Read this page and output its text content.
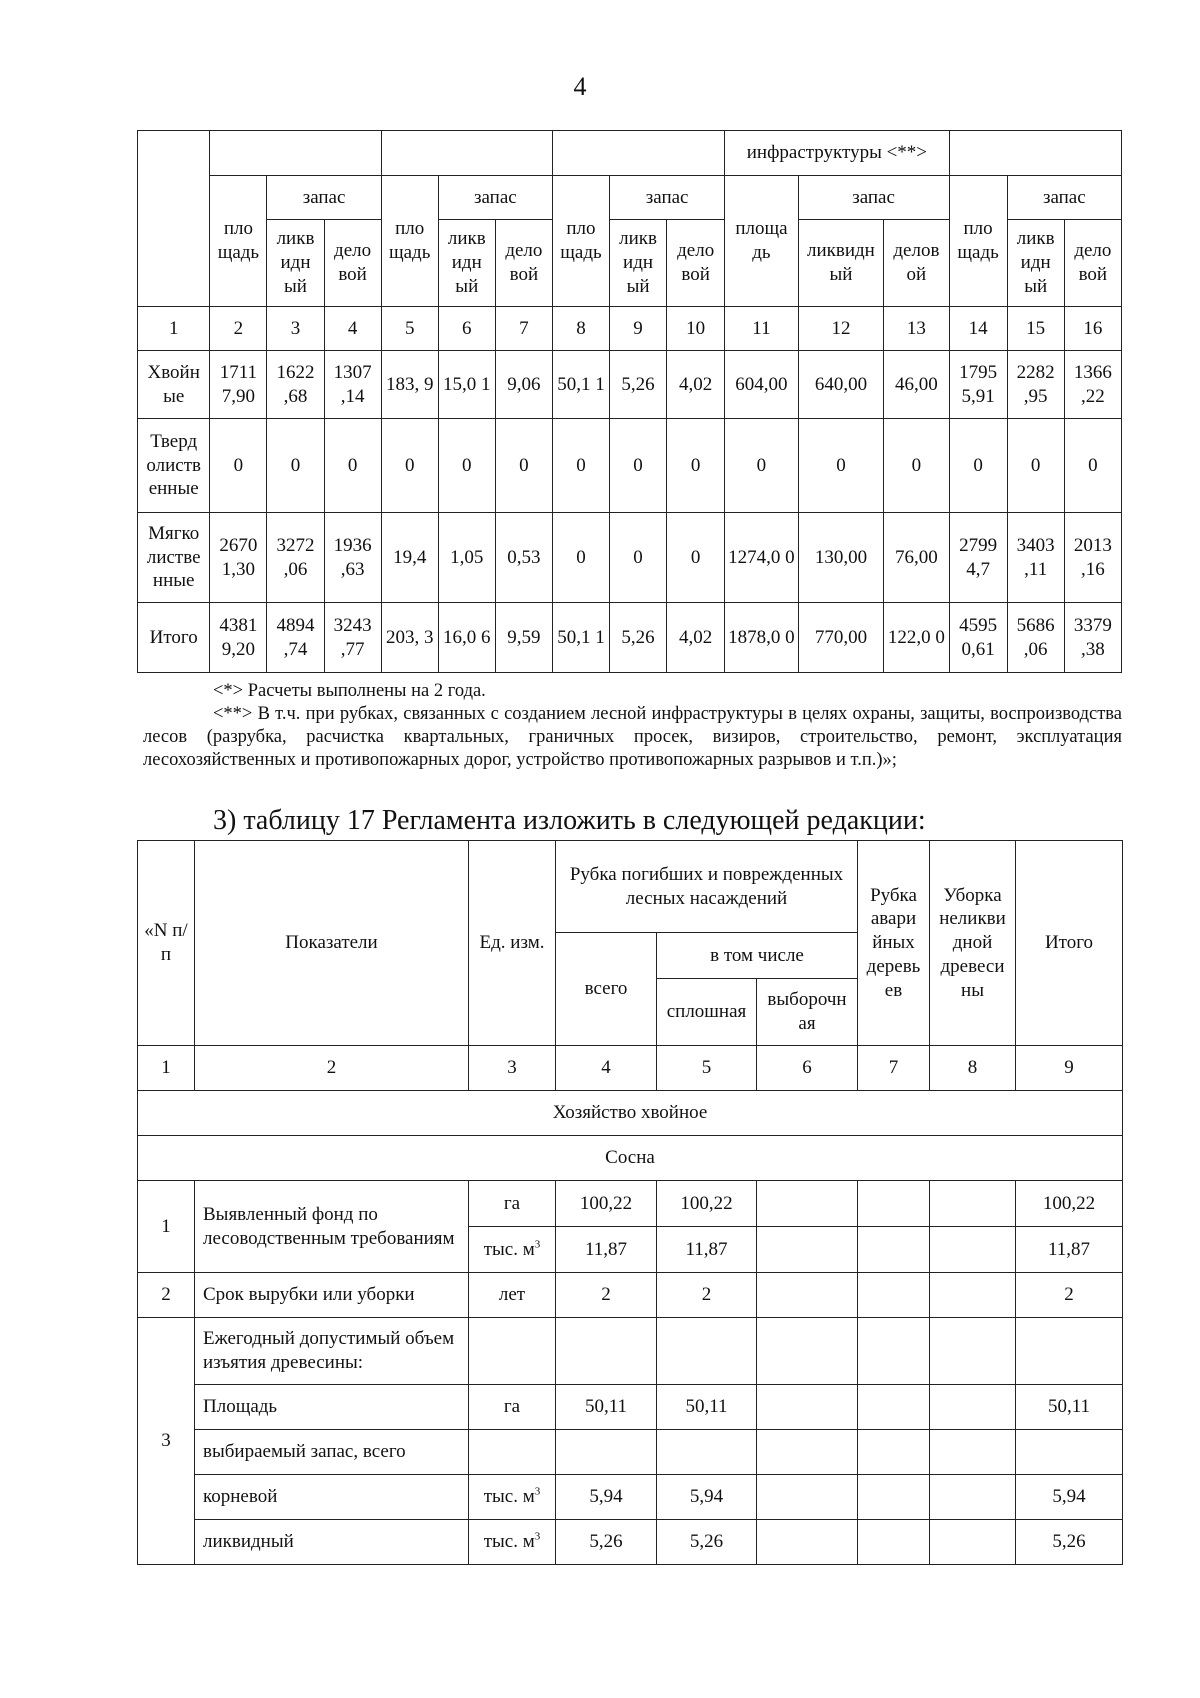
4
										инфраструктуры <**>					
	пло щадь	запас		пло щадь	запас		пло щадь	запас		площа дь	запас		пло щадь	запас	
		ликв идн ый	дело вой		ликв идн ый	дело вой		ликв идн ый	дело вой		ликвидн ый	делов ой		ликв идн ый	дело вой
1	2	3	4	5	6	7	8	9	10	11	12	13	14	15	16
Хвойн ые	1711 7,90	1622 ,68	1307 ,14	183, 9	15,0 1	9,06	50,1 1	5,26	4,02	604,00	640,00	46,00	1795 5,91	2282 ,95	1366 ,22
Тверд олиств енные	0	0	0	0	0	0	0	0	0	0	0	0	0	0	0
Мягко листве нные	2670 1,30	3272 ,06	1936 ,63	19,4	1,05	0,53	0	0	0	1274,0 0	130,00	76,00	2799 4,7	3403 ,11	2013 ,16
Итого	4381 9,20	4894 ,74	3243 ,77	203, 3	16,0 6	9,59	50,1 1	5,26	4,02	1878,0 0	770,00	122,0 0	4595 0,61	5686 ,06	3379 ,38

<*> Расчеты выполнены на 2 года.

<**> В т.ч. при рубках, связанных с созданием лесной инфраструктуры в целях охраны, защиты, воспроизводства лесов (разрубка, расчистка квартальных, граничных просек, визиров, строительство, ремонт, эксплуатация лесохозяйственных и противопожарных дорог, устройство противопожарных разрывов и т.п.)»;

3) таблицу 17 Регламента изложить в следующей редакции:
«N п/п	Показатели	Ед. изм.	Рубка погибших и поврежденных лесных насаждений			Рубка авари йных деревь ев	Уборка неликви дной древеси ны	Итого
			всего	в том числе				
				сплошная	выборочн ая			
1	2	3	4	5	6	7	8	9
Хозяйство хвойное								
Сосна								
1	Выявленный фонд по лесоводственным требованиям	га	100,22	100,22				100,22
		тыс. $м^3$	11,87	11,87				11,87
2	Срок вырубки или уборки	лет	2	2				2
3	Ежегодный допустимый объем изъятия древесины:							
	Площадь	га	50,11	50,11				50,11
	выбираемый запас, всего							
	корневой	тыс. $м^3$	5,94	5,94				5,94
	ликвидный	тыс. $м^3$	5,26	5,26				5,26
